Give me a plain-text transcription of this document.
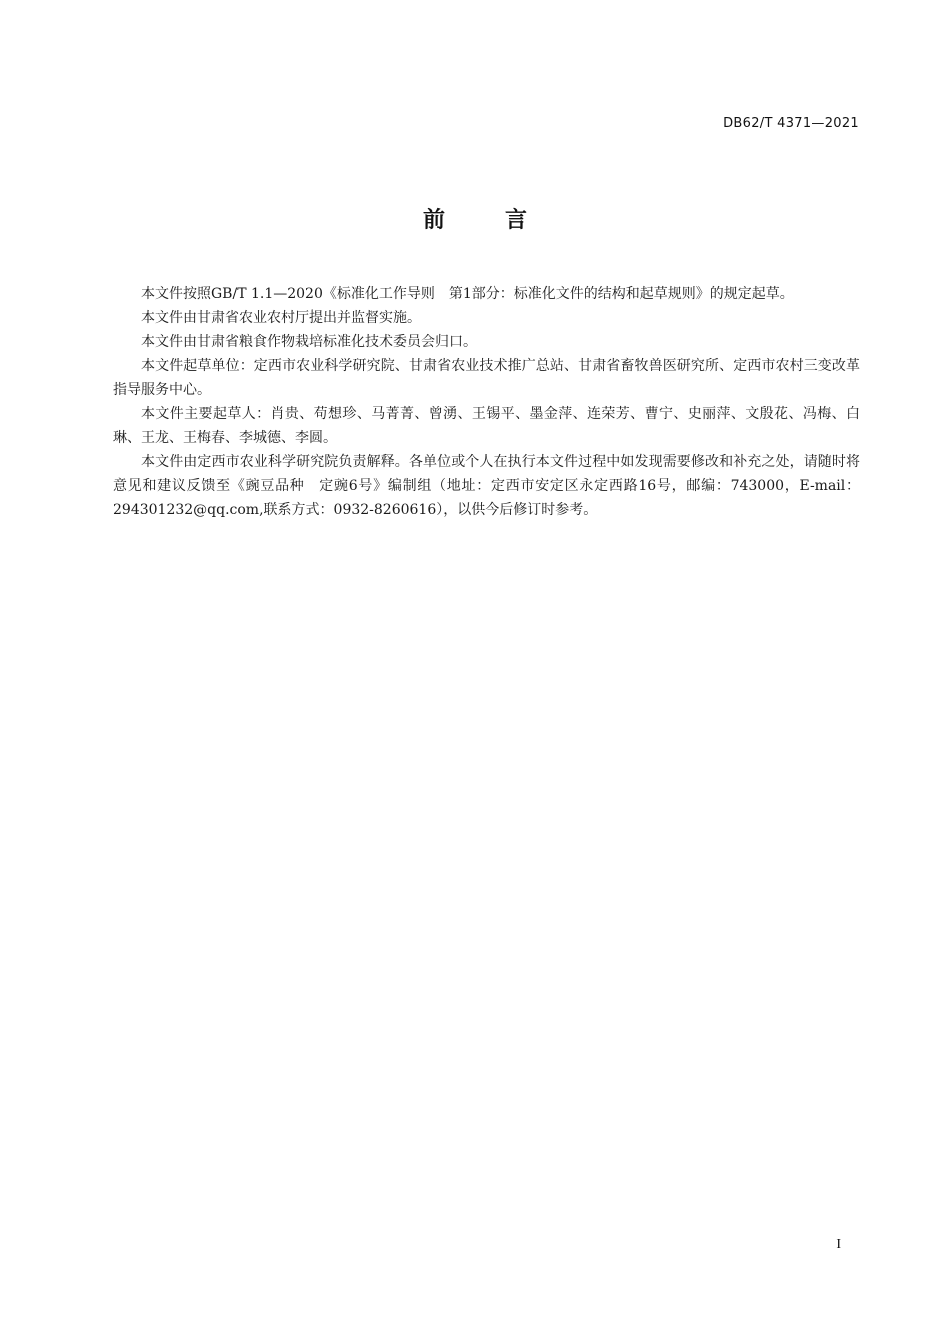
DB62/T 4371—2021
前言

本文件按照GB/T 1.1—2020《标准化工作导则　第1部分：标准化文件的结构和起草规则》的规定起草。

本文件由甘肃省农业农村厅提出并监督实施。

本文件由甘肃省粮食作物栽培标准化技术委员会归口。

本文件起草单位：定西市农业科学研究院、甘肃省农业技术推广总站、甘肃省畜牧兽医研究所、定西市农村三变改革指导服务中心。

本文件主要起草人：肖贵、苟想珍、马菁菁、曾湧、王锡平、墨金萍、连荣芳、曹宁、史丽萍、文殷花、冯梅、白琳、王龙、王梅春、李城德、李圆。

本文件由定西市农业科学研究院负责解释。各单位或个人在执行本文件过程中如发现需要修改和补充之处，请随时将意见和建议反馈至《豌豆品种　定豌6号》编制组（地址：定西市安定区永定西路16号，邮编：743000，E-mail：294301232@qq.com,联系方式：0932-8260616），以供今后修订时参考。

I
